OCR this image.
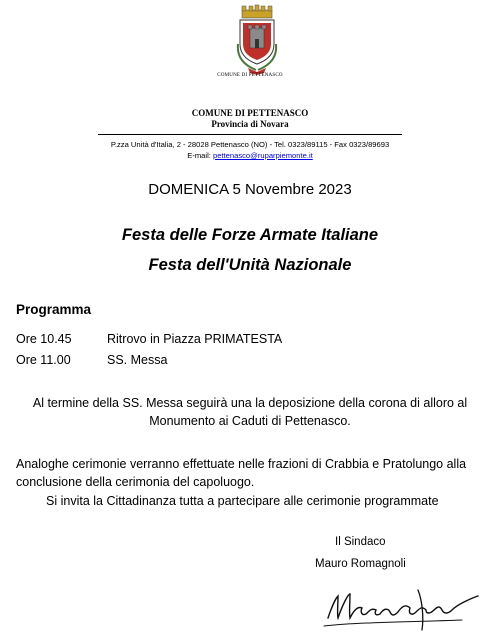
COMUNE DI PETTENASCO
COMUNE DI PETTENASCO
Provincia di Novara
P.zza Unità d'Italia, 2 - 28028 Pettenasco (NO) - Tel. 0323/89115 - Fax 0323/89693
E-mail: pettenasco@ruparpiemonte.it
DOMENICA 5 Novembre 2023
Festa delle Forze Armate Italiane
Festa dell'Unità Nazionale
Programma
Ore 10.45	Ritrovo in Piazza PRIMATESTA
Ore 11.00	SS. Messa
Al termine della SS. Messa seguirà una la deposizione della corona di alloro al
Monumento ai Caduti di Pettenasco.
Analoghe cerimonie verranno effettuate nelle frazioni di Crabbia e Pratolungo alla
conclusione della cerimonia del capoluogo.
Si invita la Cittadinanza tutta a partecipare alle cerimonie programmate
Il Sindaco
Mauro Romagnoli
